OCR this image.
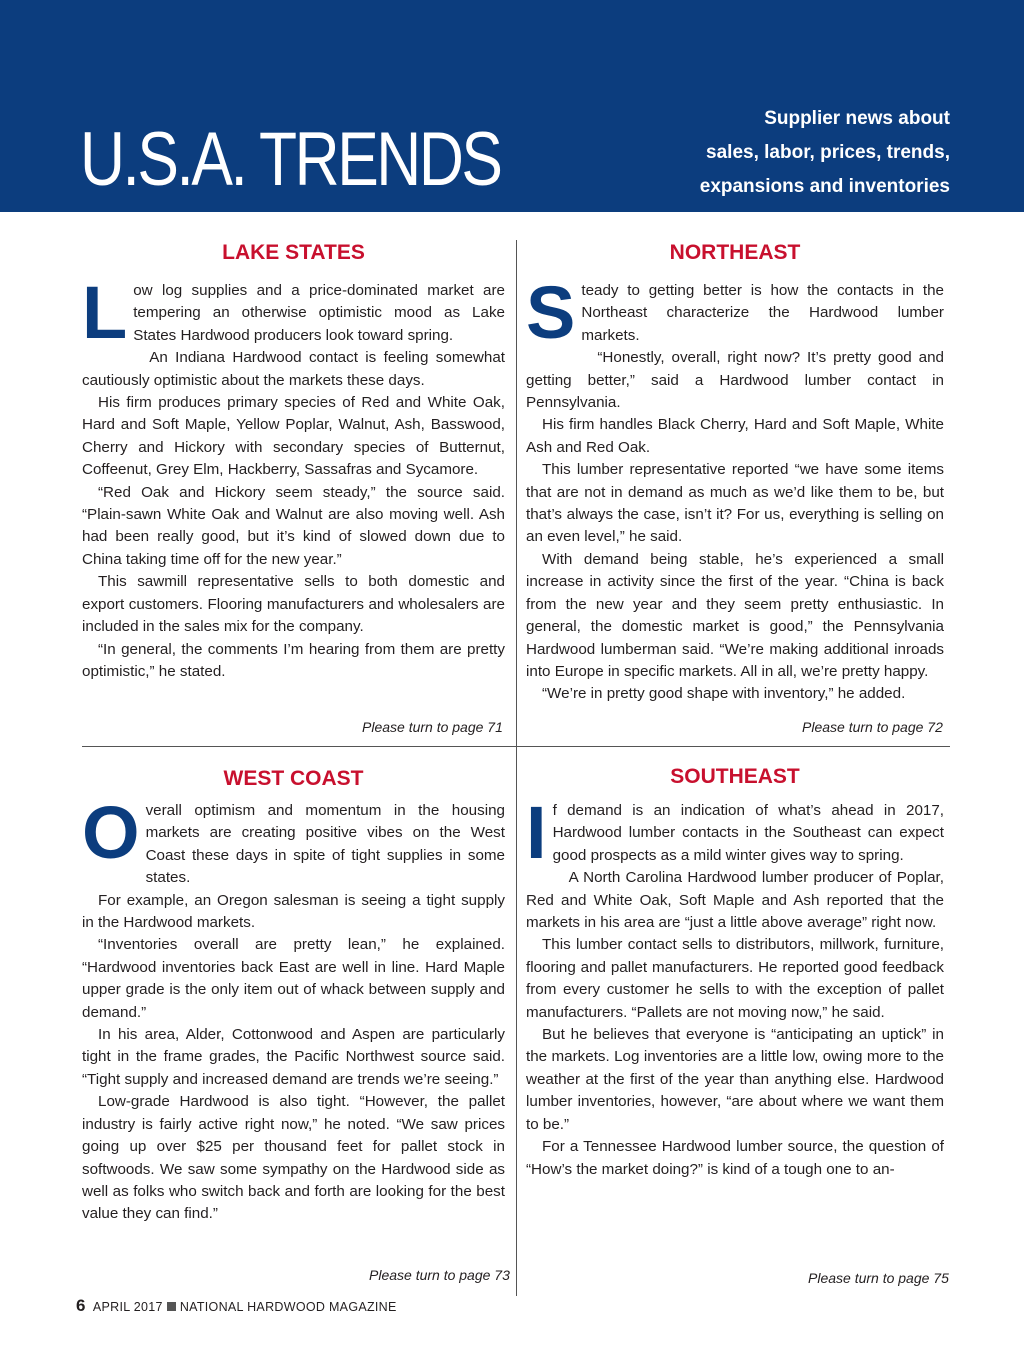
U.S.A. TRENDS	Supplier news about
sales, labor, prices, trends,
expansions and inventories
LAKE STATES
L ow log supplies and a price-dominated market are tempering an otherwise optimistic mood as Lake States Hardwood producers look toward spring.

An Indiana Hardwood contact is feeling somewhat cautiously optimistic about the markets these days.

His firm produces primary species of Red and White Oak, Hard and Soft Maple, Yellow Poplar, Walnut, Ash, Basswood, Cherry and Hickory with secondary species of Butternut, Coffeenut, Grey Elm, Hackberry, Sassafras and Sycamore.

“Red Oak and Hickory seem steady,” the source said. “Plain-sawn White Oak and Walnut are also moving well. Ash had been really good, but it’s kind of slowed down due to China taking time off for the new year.”

This sawmill representative sells to both domestic and export customers. Flooring manufacturers and wholesalers are included in the sales mix for the company.

“In general, the comments I’m hearing from them are pretty optimistic,” he stated.

Please turn to page 71
NORTHEAST
S teady to getting better is how the contacts in the Northeast characterize the Hardwood lumber markets.

“Honestly, overall, right now? It’s pretty good and getting better,” said a Hardwood lumber contact in Pennsylvania.

His firm handles Black Cherry, Hard and Soft Maple, White Ash and Red Oak.

This lumber representative reported “we have some items that are not in demand as much as we’d like them to be, but that’s always the case, isn’t it? For us, everything is selling on an even level,” he said.

With demand being stable, he’s experienced a small increase in activity since the first of the year. “China is back from the new year and they seem pretty enthusiastic. In general, the domestic market is good,” the Pennsylvania Hardwood lumberman said. “We’re making additional inroads into Europe in specific markets. All in all, we’re pretty happy.

“We’re in pretty good shape with inventory,” he added.

Please turn to page 72
WEST COAST
O verall optimism and momentum in the housing markets are creating positive vibes on the West Coast these days in spite of tight supplies in some states.

For example, an Oregon salesman is seeing a tight supply in the Hardwood markets.

“Inventories overall are pretty lean,” he explained. “Hardwood inventories back East are well in line. Hard Maple upper grade is the only item out of whack between supply and demand.”

In his area, Alder, Cottonwood and Aspen are particularly tight in the frame grades, the Pacific Northwest source said. “Tight supply and increased demand are trends we’re seeing.”

Low-grade Hardwood is also tight. “However, the pallet industry is fairly active right now,” he noted. “We saw prices going up over $25 per thousand feet for pallet stock in softwoods. We saw some sympathy on the Hardwood side as well as folks who switch back and forth are looking for the best value they can find.”

Please turn to page 73
SOUTHEAST
I f demand is an indication of what’s ahead in 2017, Hardwood lumber contacts in the Southeast can expect good prospects as a mild winter gives way to spring.

A North Carolina Hardwood lumber producer of Poplar, Red and White Oak, Soft Maple and Ash reported that the markets in his area are “just a little above average” right now.

This lumber contact sells to distributors, millwork, furniture, flooring and pallet manufacturers. He reported good feedback from every customer he sells to with the exception of pallet manufacturers. “Pallets are not moving now,” he said.

But he believes that everyone is “anticipating an uptick” in the markets. Log inventories are a little low, owing more to the weather at the first of the year than anything else. Hardwood lumber inventories, however, “are about where we want them to be.”

For a Tennessee Hardwood lumber source, the question of “How’s the market doing?” is kind of a tough one to an-

Please turn to page 75
6 APRIL 2017 NATIONAL HARDWOOD MAGAZINE
